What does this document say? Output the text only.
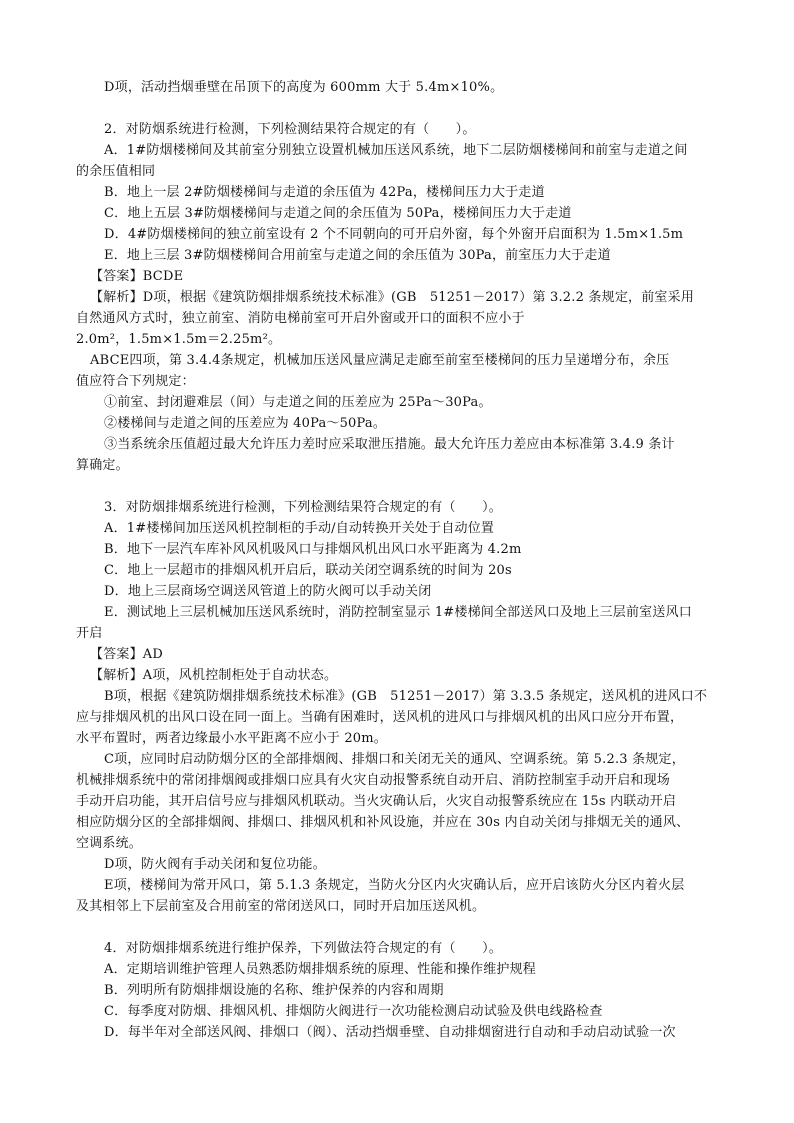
D项，活动挡烟垂壁在吊顶下的高度为 600mm 大于 5.4m×10%。
2．对防烟系统进行检测，下列检测结果符合规定的有（　　）。
A．1#防烟楼梯间及其前室分别独立设置机械加压送风系统，地下二层防烟楼梯间和前室与走道之间
的余压值相同
B．地上一层 2#防烟楼梯间与走道的余压值为 42Pa，楼梯间压力大于走道
C．地上五层 3#防烟楼梯间与走道之间的余压值为 50Pa，楼梯间压力大于走道
D．4#防烟楼梯间的独立前室设有 2 个不同朝向的可开启外窗，每个外窗开启面积为 1.5m×1.5m
E．地上三层 3#防烟楼梯间合用前室与走道之间的余压值为 30Pa，前室压力大于走道
【答案】BCDE
【解析】D项，根据《建筑防烟排烟系统技术标准》(GB　51251－2017）第 3.2.2 条规定，前室采用
自然通风方式时，独立前室、消防电梯前室可开启外窗或开口的面积不应小于
2.0m²，1.5m×1.5m＝2.25m²。
ABCE四项，第 3.4.4条规定，机械加压送风量应满足走廊至前室至楼梯间的压力呈递增分布，余压
值应符合下列规定：
①前室、封闭避难层（间）与走道之间的压差应为 25Pa～30Pa。
②楼梯间与走道之间的压差应为 40Pa～50Pa。
③当系统余压值超过最大允许压力差时应采取泄压措施。最大允许压力差应由本标准第 3.4.9 条计
算确定。
3．对防烟排烟系统进行检测，下列检测结果符合规定的有（　　）。
A．1#楼梯间加压送风机控制柜的手动/自动转换开关处于自动位置
B．地下一层汽车库补风风机吸风口与排烟风机出风口水平距离为 4.2m
C．地上一层超市的排烟风机开启后，联动关闭空调系统的时间为 20s
D．地上三层商场空调送风管道上的防火阀可以手动关闭
E．测试地上三层机械加压送风系统时，消防控制室显示 1#楼梯间全部送风口及地上三层前室送风口
开启
【答案】AD
【解析】A项，风机控制柜处于自动状态。
B项，根据《建筑防烟排烟系统技术标准》(GB　51251－2017）第 3.3.5 条规定，送风机的进风口不
应与排烟风机的出风口设在同一面上。当确有困难时，送风机的进风口与排烟风机的出风口应分开布置，
水平布置时，两者边缘最小水平距离不应小于 20m。
C项，应同时启动防烟分区的全部排烟阀、排烟口和关闭无关的通风、空调系统。第 5.2.3 条规定，
机械排烟系统中的常闭排烟阀或排烟口应具有火灾自动报警系统自动开启、消防控制室手动开启和现场
手动开启功能，其开启信号应与排烟风机联动。当火灾确认后，火灾自动报警系统应在 15s 内联动开启
相应防烟分区的全部排烟阀、排烟口、排烟风机和补风设施，并应在 30s 内自动关闭与排烟无关的通风、
空调系统。
D项，防火阀有手动关闭和复位功能。
E项，楼梯间为常开风口，第 5.1.3 条规定，当防火分区内火灾确认后，应开启该防火分区内着火层
及其相邻上下层前室及合用前室的常闭送风口，同时开启加压送风机。
4．对防烟排烟系统进行维护保养，下列做法符合规定的有（　　）。
A．定期培训维护管理人员熟悉防烟排烟系统的原理、性能和操作维护规程
B．列明所有防烟排烟设施的名称、维护保养的内容和周期
C．每季度对防烟、排烟风机、排烟防火阀进行一次功能检测启动试验及供电线路检查
D．每半年对全部送风阀、排烟口（阀）、活动挡烟垂壁、自动排烟窗进行自动和手动启动试验一次
